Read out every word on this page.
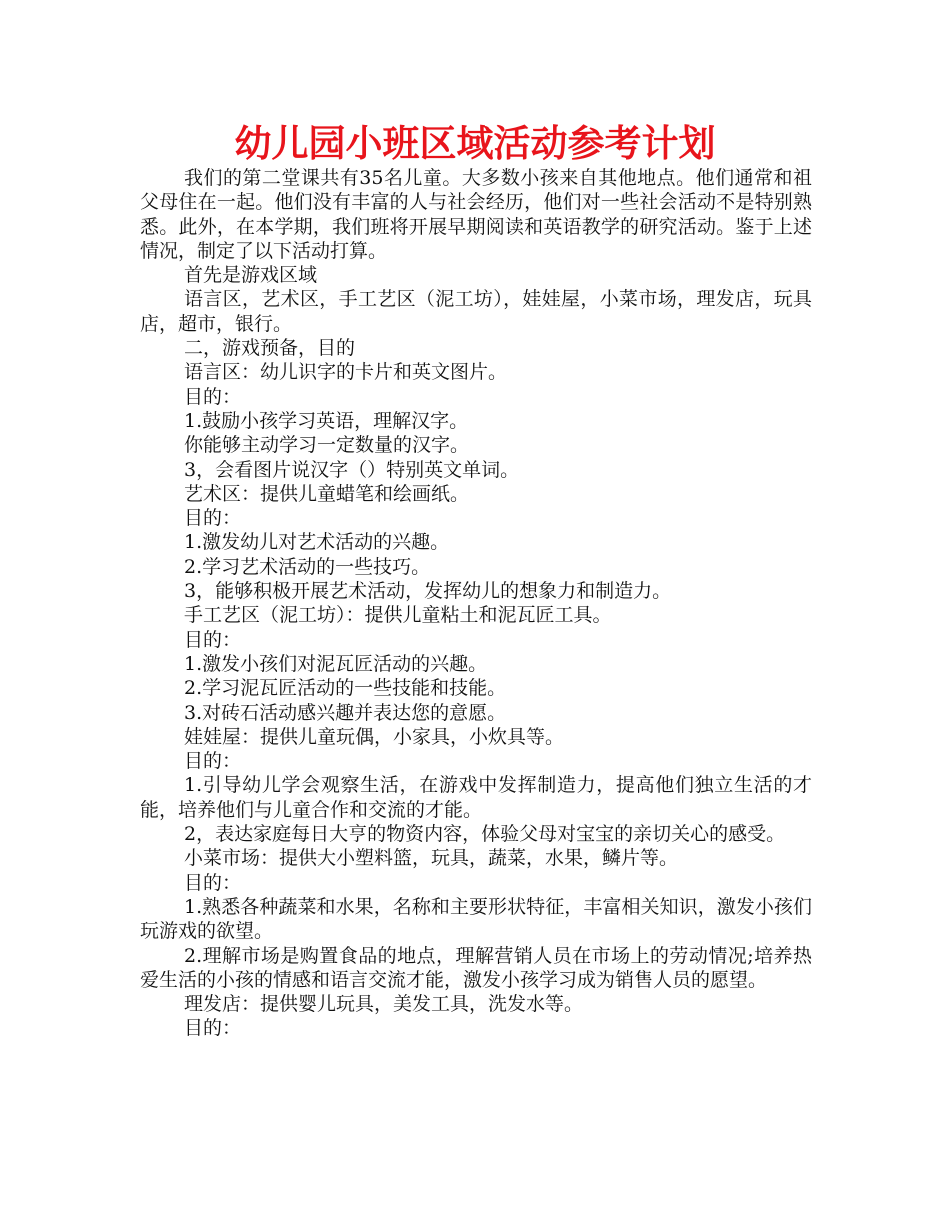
幼儿园小班区域活动参考计划

我们的第二堂课共有35名儿童。大多数小孩来自其他地点。他们通常和祖父母住在一起。他们没有丰富的人与社会经历，他们对一些社会活动不是特别熟悉。此外，在本学期，我们班将开展早期阅读和英语教学的研究活动。鉴于上述情况，制定了以下活动打算。

首先是游戏区域

语言区，艺术区，手工艺区（泥工坊），娃娃屋，小菜市场，理发店，玩具店，超市，银行。

二，游戏预备，目的

语言区：幼儿识字的卡片和英文图片。

目的：

1.鼓励小孩学习英语，理解汉字。

你能够主动学习一定数量的汉字。

3，会看图片说汉字（）特别英文单词。

艺术区：提供儿童蜡笔和绘画纸。

目的：

1.激发幼儿对艺术活动的兴趣。

2.学习艺术活动的一些技巧。

3，能够积极开展艺术活动，发挥幼儿的想象力和制造力。

手工艺区（泥工坊）：提供儿童粘土和泥瓦匠工具。

目的：

1.激发小孩们对泥瓦匠活动的兴趣。

2.学习泥瓦匠活动的一些技能和技能。

3.对砖石活动感兴趣并表达您的意愿。

娃娃屋：提供儿童玩偶，小家具，小炊具等。

目的：

1.引导幼儿学会观察生活，在游戏中发挥制造力，提高他们独立生活的才能，培养他们与儿童合作和交流的才能。

2，表达家庭每日大亨的物资内容，体验父母对宝宝的亲切关心的感受。

小菜市场：提供大小塑料篮，玩具，蔬菜，水果，鳞片等。

目的：

1.熟悉各种蔬菜和水果，名称和主要形状特征，丰富相关知识，激发小孩们玩游戏的欲望。

2.理解市场是购置食品的地点，理解营销人员在市场上的劳动情况;培养热爱生活的小孩的情感和语言交流才能，激发小孩学习成为销售人员的愿望。

理发店：提供婴儿玩具，美发工具，洗发水等。

目的：
